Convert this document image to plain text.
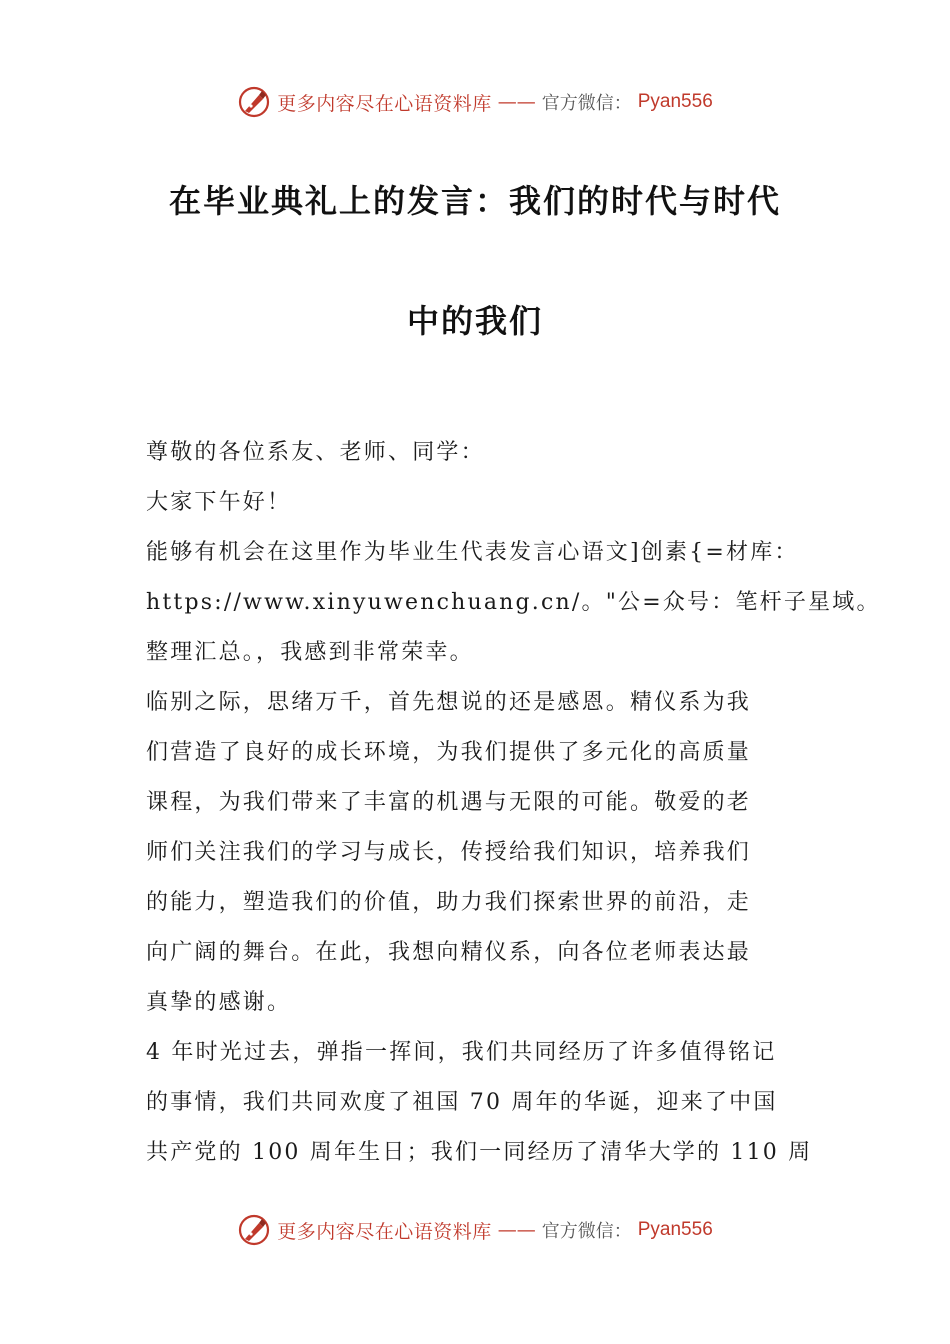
更多内容尽在心语资料库 —— 官方微信： Pyan556
在毕业典礼上的发言：我们的时代与时代
中的我们

尊敬的各位系友、老师、同学：

大家下午好！

能够有机会在这里作为毕业生代表发言心语文]创素{=材库：

https://www.xinyuwenchuang.cn/。"公=众号：笔杆子星域。

整理汇总。，我感到非常荣幸。

临别之际，思绪万千，首先想说的还是感恩。精仪系为我

们营造了良好的成长环境，为我们提供了多元化的高质量

课程，为我们带来了丰富的机遇与无限的可能。敬爱的老

师们关注我们的学习与成长，传授给我们知识，培养我们

的能力，塑造我们的价值，助力我们探索世界的前沿，走

向广阔的舞台。在此，我想向精仪系，向各位老师表达最

真挚的感谢。

4 年时光过去，弹指一挥间，我们共同经历了许多值得铭记

的事情，我们共同欢度了祖国 70 周年的华诞，迎来了中国

共产党的 100 周年生日；我们一同经历了清华大学的 110 周

更多内容尽在心语资料库 —— 官方微信： Pyan556
